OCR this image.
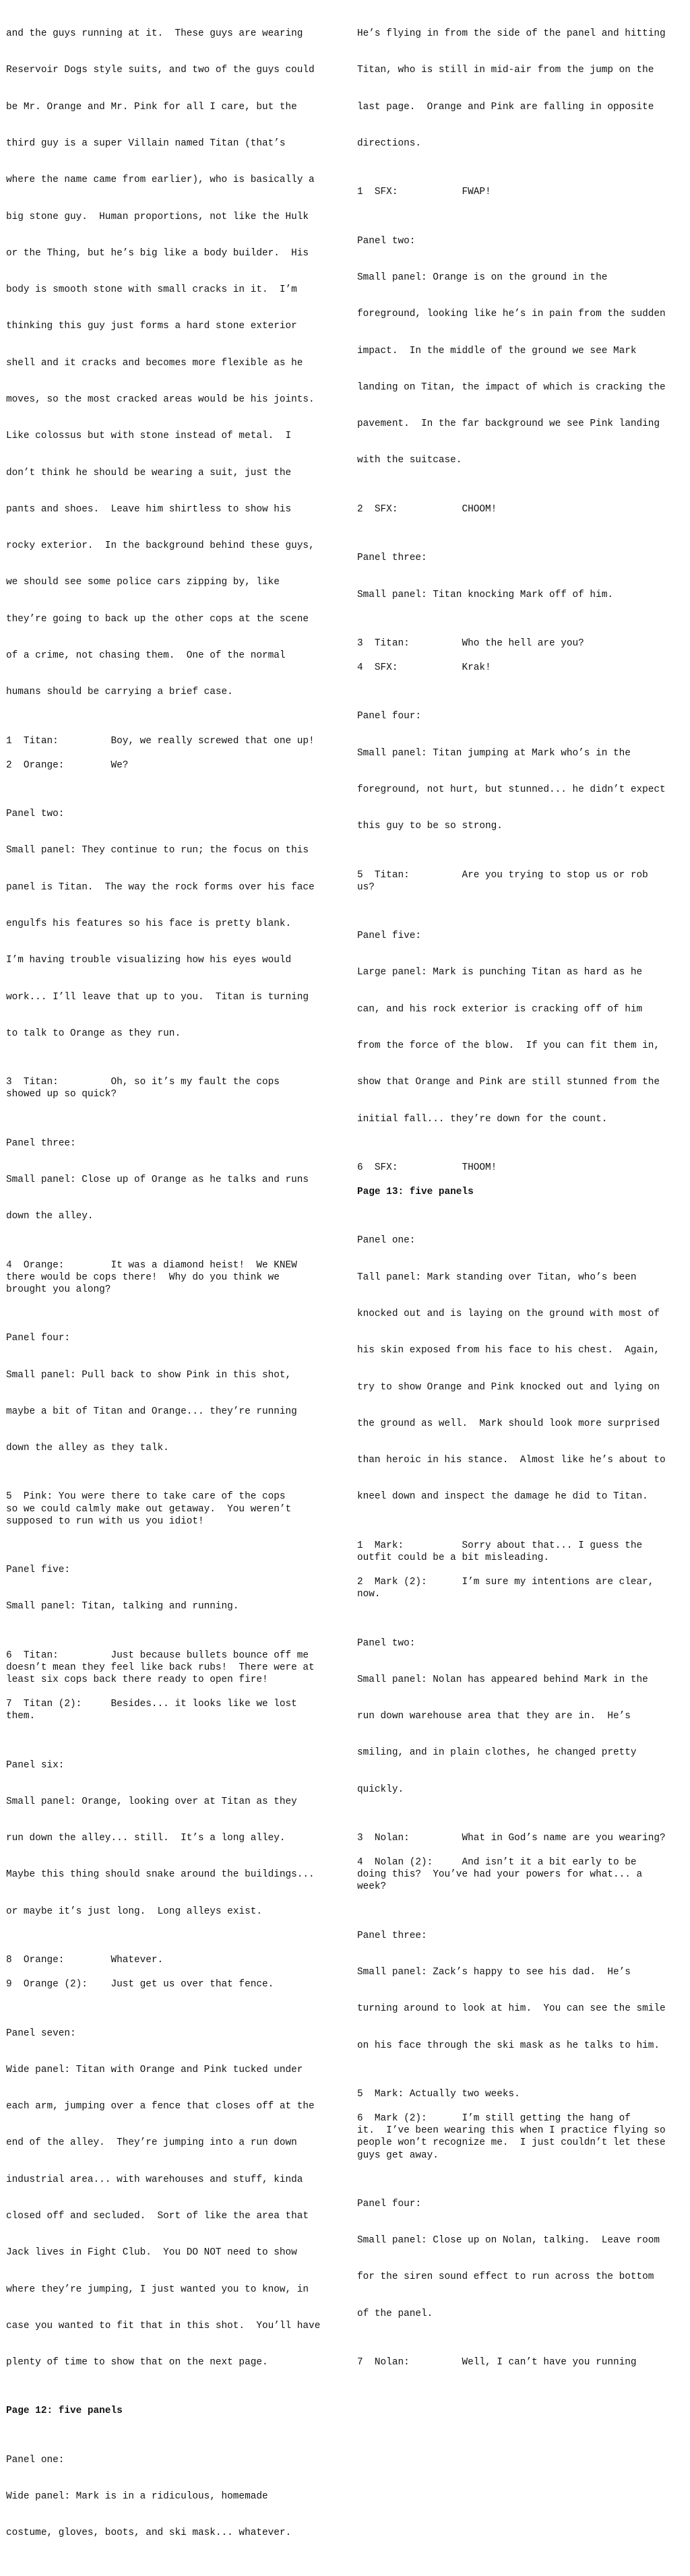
and the guys running at it.  These guys are wearing

Reservoir Dogs style suits, and two of the guys could

be Mr. Orange and Mr. Pink for all I care, but the

third guy is a super Villain named Titan (that’s

where the name came from earlier), who is basically a

big stone guy.  Human proportions, not like the Hulk

or the Thing, but he’s big like a body builder.  His

body is smooth stone with small cracks in it.  I’m

thinking this guy just forms a hard stone exterior

shell and it cracks and becomes more flexible as he

moves, so the most cracked areas would be his joints.

Like colossus but with stone instead of metal.  I

don’t think he should be wearing a suit, just the

pants and shoes.  Leave him shirtless to show his

rocky exterior.  In the background behind these guys,

we should see some police cars zipping by, like

they’re going to back up the other cops at the scene

of a crime, not chasing them.  One of the normal

humans should be carrying a brief case.

1  Titan:         Boy, we really screwed that one up!
2  Orange:        We?

Panel two:

Small panel: They continue to run; the focus on this

panel is Titan.  The way the rock forms over his face

engulfs his features so his face is pretty blank.

I’m having trouble visualizing how his eyes would

work... I’ll leave that up to you.  Titan is turning

to talk to Orange as they run.

3  Titan:         Oh, so it’s my fault the cops
showed up so quick?

Panel three:

Small panel: Close up of Orange as he talks and runs

down the alley.

4  Orange:        It was a diamond heist!  We KNEW
there would be cops there!  Why do you think we
brought you along?

Panel four:

Small panel: Pull back to show Pink in this shot,

maybe a bit of Titan and Orange... they’re running

down the alley as they talk.

5  Pink: You were there to take care of the cops
so we could calmly make out getaway.  You weren’t
supposed to run with us you idiot!

Panel five:

Small panel: Titan, talking and running.

6  Titan:         Just because bullets bounce off me
doesn’t mean they feel like back rubs!  There were at
least six cops back there ready to open fire!
7  Titan (2):     Besides... it looks like we lost
them.

Panel six:

Small panel: Orange, looking over at Titan as they

run down the alley... still.  It’s a long alley.

Maybe this thing should snake around the buildings...

or maybe it’s just long.  Long alleys exist.

8  Orange:        Whatever.
9  Orange (2):    Just get us over that fence.

Panel seven:

Wide panel: Titan with Orange and Pink tucked under

each arm, jumping over a fence that closes off at the

end of the alley.  They’re jumping into a run down

industrial area... with warehouses and stuff, kinda

closed off and secluded.  Sort of like the area that

Jack lives in Fight Club.  You DO NOT need to show

where they’re jumping, I just wanted you to know, in

case you wanted to fit that in this shot.  You’ll have

plenty of time to show that on the next page.

Page 12: five panels

Panel one:

Wide panel: Mark is in a ridiculous, homemade

costume, gloves, boots, and ski mask... whatever.

He’s flying in from the side of the panel and hitting

Titan, who is still in mid-air from the jump on the

last page.  Orange and Pink are falling in opposite

directions.

1  SFX:           FWAP!

Panel two:

Small panel: Orange is on the ground in the

foreground, looking like he’s in pain from the sudden

impact.  In the middle of the ground we see Mark

landing on Titan, the impact of which is cracking the

pavement.  In the far background we see Pink landing

with the suitcase.

2  SFX:           CHOOM!

Panel three:

Small panel: Titan knocking Mark off of him.

3  Titan:         Who the hell are you?
4  SFX:           Krak!

Panel four:

Small panel: Titan jumping at Mark who’s in the

foreground, not hurt, but stunned... he didn’t expect

this guy to be so strong.

5  Titan:         Are you trying to stop us or rob
us?

Panel five:

Large panel: Mark is punching Titan as hard as he

can, and his rock exterior is cracking off of him

from the force of the blow.  If you can fit them in,

show that Orange and Pink are still stunned from the

initial fall... they’re down for the count.

6  SFX:           THOOM!
Page 13: five panels

Panel one:

Tall panel: Mark standing over Titan, who’s been

knocked out and is laying on the ground with most of

his skin exposed from his face to his chest.  Again,

try to show Orange and Pink knocked out and lying on

the ground as well.  Mark should look more surprised

than heroic in his stance.  Almost like he’s about to

kneel down and inspect the damage he did to Titan.

1  Mark:          Sorry about that... I guess the
outfit could be a bit misleading.
2  Mark (2):      I’m sure my intentions are clear,
now.

Panel two:

Small panel: Nolan has appeared behind Mark in the

run down warehouse area that they are in.  He’s

smiling, and in plain clothes, he changed pretty

quickly.

3  Nolan:         What in God’s name are you wearing?
4  Nolan (2):     And isn’t it a bit early to be
doing this?  You’ve had your powers for what... a
week?

Panel three:

Small panel: Zack’s happy to see his dad.  He’s

turning around to look at him.  You can see the smile

on his face through the ski mask as he talks to him.

5  Mark: Actually two weeks.
6  Mark (2):      I’m still getting the hang of
it.  I’ve been wearing this when I practice flying so
people won’t recognize me.  I just couldn’t let these
guys get away.

Panel four:

Small panel: Close up on Nolan, talking.  Leave room

for the siren sound effect to run across the bottom

of the panel.

7  Nolan:         Well, I can’t have you running
